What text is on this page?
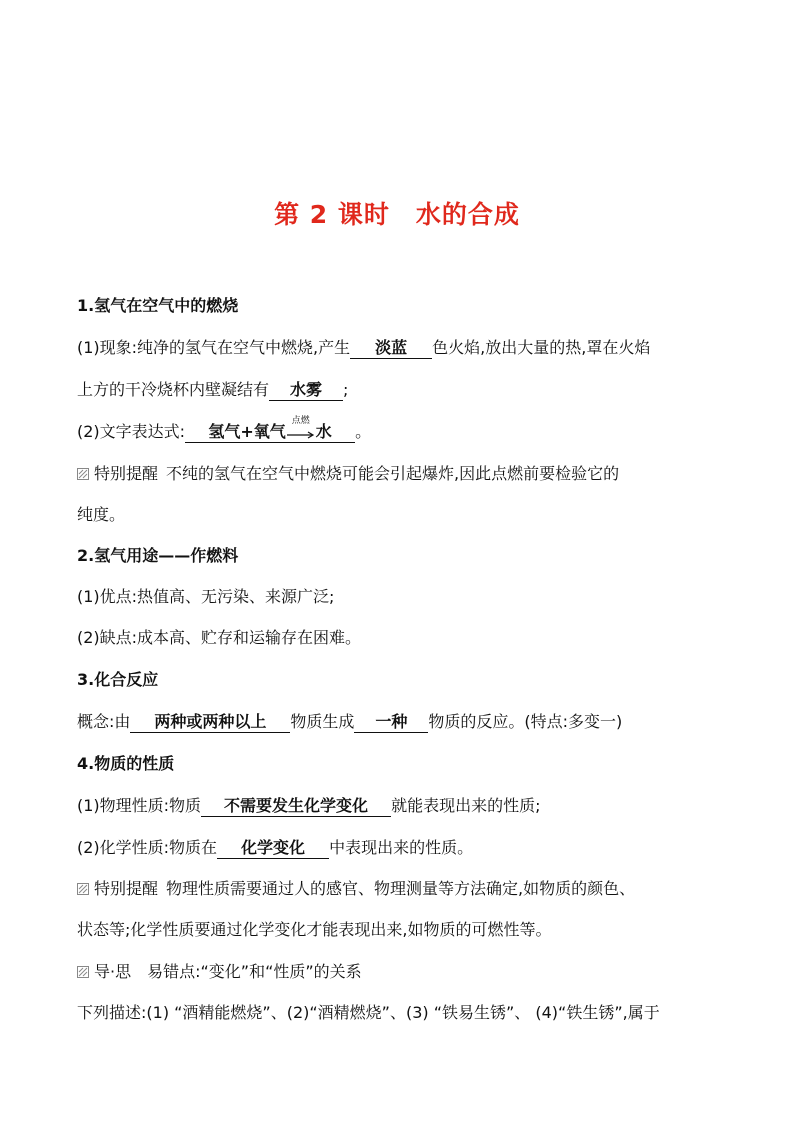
第 2 课时 水的合成
1.氢气在空气中的燃烧
(1)现象:纯净的氢气在空气中燃烧,产生 淡蓝 色火焰,放出大量的热,罩在火焰
上方的干冷烧杯内壁凝结有 水雾 ;
(2)文字表达式: 氢气+氧气
点燃
水 。
特别提醒 不纯的氢气在空气中燃烧可能会引起爆炸,因此点燃前要检验它的
纯度。
2.氢气用途——作燃料
(1)优点:热值高、无污染、来源广泛;
(2)缺点:成本高、贮存和运输存在困难。
3.化合反应
概念:由 两种或两种以上 物质生成 一种 物质的反应。(特点:多变一)
4.物质的性质
(1)物理性质:物质 不需要发生化学变化 就能表现出来的性质;
(2)化学性质:物质在 化学变化 中表现出来的性质。
特别提醒 物理性质需要通过人的感官、物理测量等方法确定,如物质的颜色、
状态等;化学性质要通过化学变化才能表现出来,如物质的可燃性等。
导·思 易错点:“变化”和“性质”的关系
下列描述:(1) “酒精能燃烧”、(2)“酒精燃烧”、(3) “铁易生锈”、 (4)“铁生锈”,属于
